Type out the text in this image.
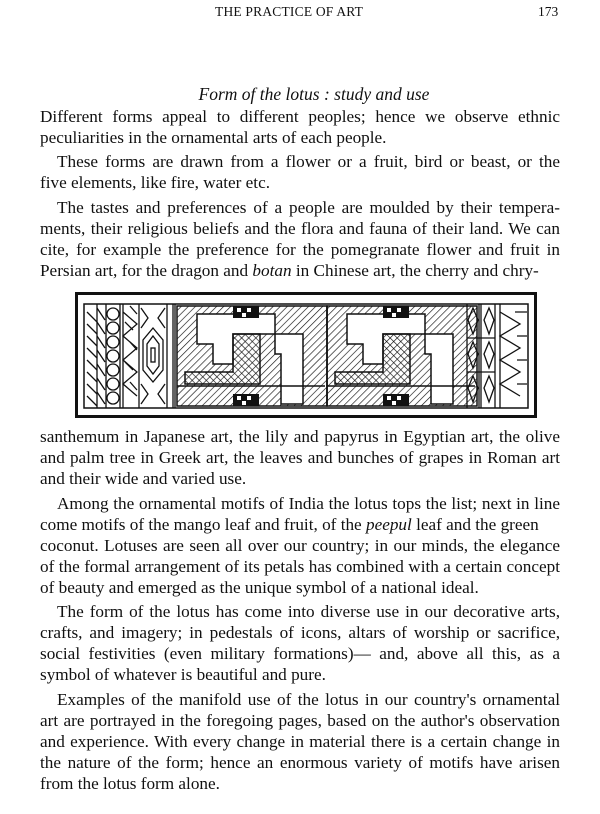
THE PRACTICE OF ART	173
Form of the lotus : study and use
Different forms appeal to different peoples; hence we observe ethnic
peculiarities in the ornamental arts of each people.
These forms are drawn from a flower or a fruit, bird or beast, or the
five elements, like fire, water etc.
The tastes and preferences of a people are moulded by their tempera-
ments, their religious beliefs and the flora and fauna of their land. We can
cite, for example the preference for the pomegranate flower and fruit in
Persian art, for the dragon and botan in Chinese art, the cherry and chry-
santhemum in Japanese art, the lily and papyrus in Egyptian art, the olive
and palm tree in Greek art, the leaves and bunches of grapes in Roman art
and their wide and varied use.
Among the ornamental motifs of India the lotus tops the list; next in line
come motifs of the mango leaf and fruit, of the peepul leaf and the green
coconut. Lotuses are seen all over our country; in our minds, the elegance
of the formal arrangement of its petals has combined with a certain concept
of beauty and emerged as the unique symbol of a national ideal.
The form of the lotus has come into diverse use in our decorative arts,
crafts, and imagery; in pedestals of icons, altars of worship or sacrifice,
social festivities (even military formations)— and, above all this, as a
symbol of whatever is beautiful and pure.
Examples of the manifold use of the lotus in our country's ornamental
art are portrayed in the foregoing pages, based on the author's observation
and experience. With every change in material there is a certain change in
the nature of the form; hence an enormous variety of motifs have arisen
from the lotus form alone.
